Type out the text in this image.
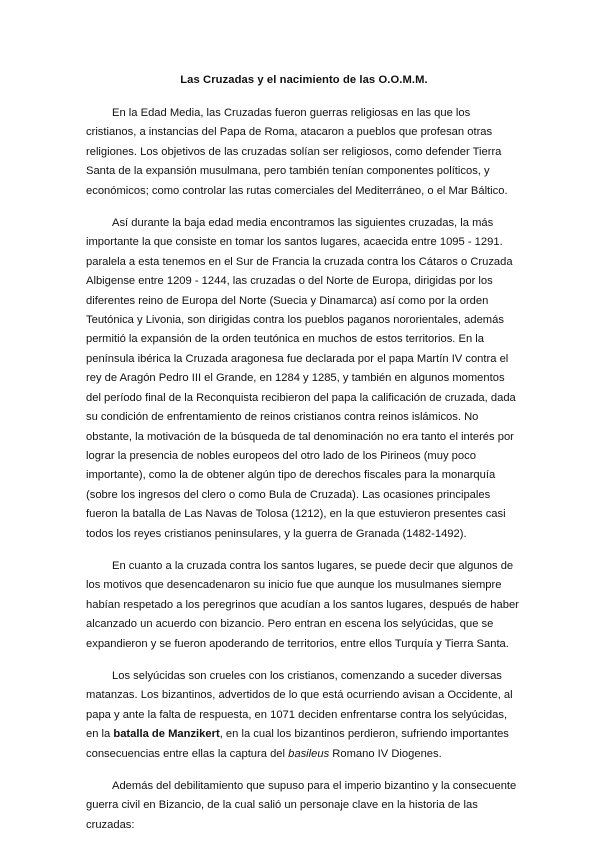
Las Cruzadas y el nacimiento de las O.O.M.M.

En la Edad Media, las Cruzadas fueron guerras religiosas en las que los cristianos, a instancias del Papa de Roma, atacaron a pueblos que profesan otras religiones. Los objetivos de las cruzadas solían ser religiosos, como defender Tierra Santa de la expansión musulmana, pero también tenían componentes políticos, y económicos; como controlar las rutas comerciales del Mediterráneo, o el Mar Báltico.

Así durante la baja edad media encontramos las siguientes cruzadas, la más importante la que consiste en tomar los santos lugares, acaecida entre 1095 - 1291. paralela a esta tenemos en el Sur de Francia la cruzada contra los Cátaros o Cruzada Albigense entre 1209 - 1244, las cruzadas o del Norte de Europa, dirigidas por los diferentes reino de Europa del Norte (Suecia y Dinamarca) así como por la orden Teutónica y Livonia, son dirigidas contra los pueblos paganos nororientales, además permitió la expansión de la orden teutónica en muchos de estos territorios. En la península ibérica la Cruzada aragonesa fue declarada por el papa Martín IV contra el rey de Aragón Pedro III el Grande, en 1284 y 1285, y también en algunos momentos del período final de la Reconquista recibieron del papa la calificación de cruzada, dada su condición de enfrentamiento de reinos cristianos contra reinos islámicos. No obstante, la motivación de la búsqueda de tal denominación no era tanto el interés por lograr la presencia de nobles europeos del otro lado de los Pirineos (muy poco importante), como la de obtener algún tipo de derechos fiscales para la monarquía (sobre los ingresos del clero o como Bula de Cruzada). Las ocasiones principales fueron la batalla de Las Navas de Tolosa (1212), en la que estuvieron presentes casi todos los reyes cristianos peninsulares, y la guerra de Granada (1482-1492).

En cuanto a la cruzada contra los santos lugares, se puede decir que algunos de los motivos que desencadenaron su inicio fue que aunque los musulmanes siempre habían respetado a los peregrinos que acudían a los santos lugares, después de haber alcanzado un acuerdo con bizancio. Pero entran en escena los selyúcidas, que se expandieron y se fueron apoderando de territorios, entre ellos Turquía y Tierra Santa.

Los selyúcidas son crueles con los cristianos, comenzando a suceder diversas matanzas. Los bizantinos, advertidos de lo que está ocurriendo avisan a Occidente, al papa y ante la falta de respuesta, en 1071 deciden enfrentarse contra los selyúcidas, en la batalla de Manzikert, en la cual los bizantinos perdieron, sufriendo importantes consecuencias entre ellas la captura del basileus Romano IV Diogenes.

Además del debilitamiento que supuso para el imperio bizantino y la consecuente guerra civil en Bizancio, de la cual salió un personaje clave en la historia de las cruzadas:
